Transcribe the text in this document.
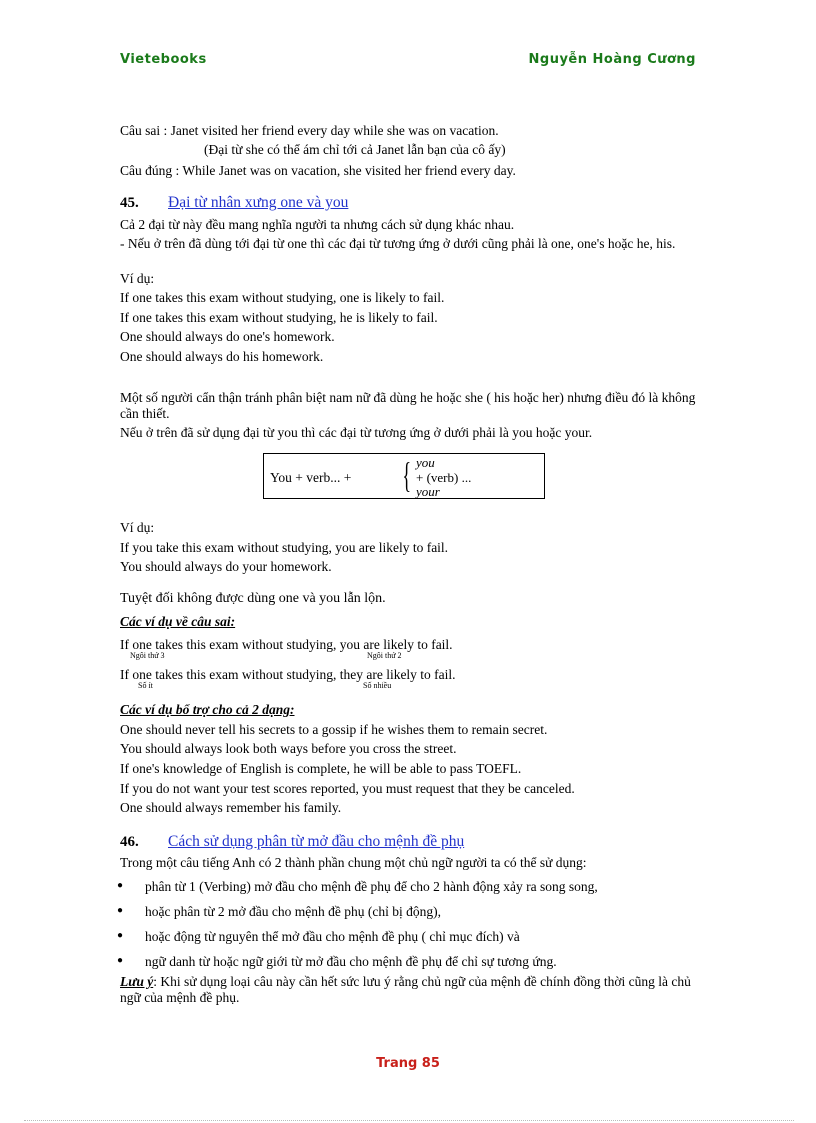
Vietebooks	Nguyễn Hoàng Cương
Câu sai : Janet visited her friend every day while she was on vacation.
(Đại từ she có thể ám chỉ tới cả Janet lẫn bạn của cô ấy)
Câu đúng : While Janet was on vacation, she visited her friend every day.
45. Đại từ nhân xưng one và you
Cả 2 đại từ này đều mang nghĩa người ta nhưng cách sử dụng khác nhau.
- Nếu ở trên đã dùng tới đại từ one thì các đại từ tương ứng ở dưới cũng phải là one, one's hoặc he, his.
Ví dụ:
If one takes this exam without studying, one is likely to fail.
If one takes this exam without studying, he is likely to fail.
One should always do one's homework.
One should always do his homework.
Một số người cẩn thận tránh phân biệt nam nữ đã dùng he hoặc she ( his hoặc her) nhưng điều đó là không cần thiết.
Nếu ở trên đã sử dụng đại từ you thì các đại từ tương ứng ở dưới phải là you hoặc your.
You + verb... + { you
+ (verb) ...
your
Ví dụ:
If you take this exam without studying, you are likely to fail.
You should always do your homework.
Tuyệt đối không được dùng one và you lẫn lộn.
Các ví dụ về câu sai:
If one takes this exam without studying, you are likely to fail.
Ngôi thứ 3	Ngôi thứ 2
If one takes this exam without studying, they are likely to fail.
Số ít	Số nhiều
Các ví dụ bổ trợ cho cả 2 dạng:
One should never tell his secrets to a gossip if he wishes them to remain secret.
You should always look both ways before you cross the street.
If one's knowledge of English is complete, he will be able to pass TOEFL.
If you do not want your test scores reported, you must request that they be canceled.
One should always remember his family.
46. Cách sử dụng phân từ mở đầu cho mệnh đề phụ
Trong một câu tiếng Anh có 2 thành phần chung một chủ ngữ người ta có thể sử dụng:
● phân từ 1 (Verbing) mở đầu cho mệnh đề phụ để cho 2 hành động xảy ra song song,
● hoặc phân từ 2 mở đầu cho mệnh đề phụ (chỉ bị động),
● hoặc động từ nguyên thể mở đầu cho mệnh đề phụ ( chỉ mục đích) và
● ngữ danh từ hoặc ngữ giới từ mở đầu cho mệnh đề phụ để chỉ sự tương ứng.
Lưu ý: Khi sử dụng loại câu này cần hết sức lưu ý rằng chủ ngữ của mệnh đề chính đồng thời cũng là chủ ngữ của mệnh đề phụ.
Trang 85
